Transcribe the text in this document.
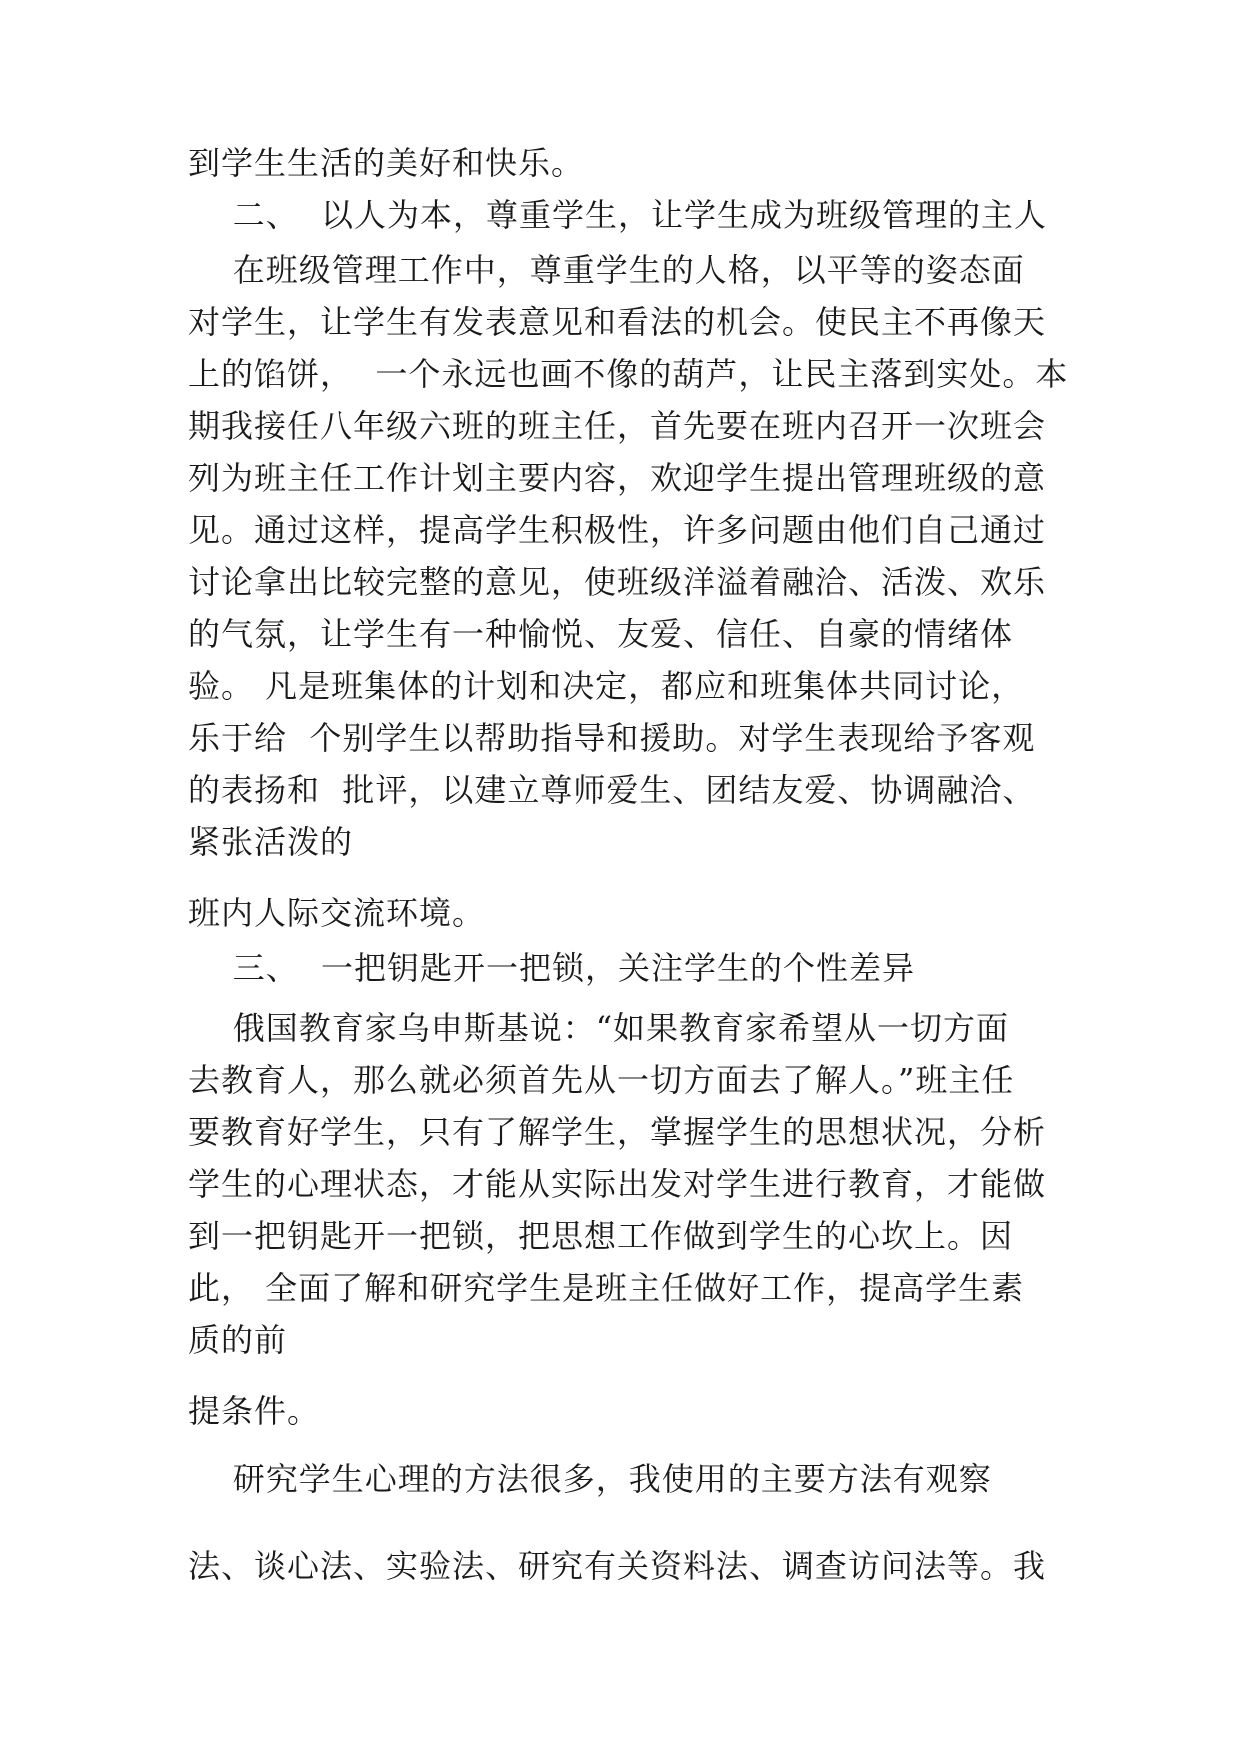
到学生生活的美好和快乐。
二、  以人为本，尊重学生，让学生成为班级管理的主人
在班级管理工作中，尊重学生的人格，以平等的姿态面
对学生，让学生有发表意见和看法的机会。使民主不再像天
上的馅饼，  一个永远也画不像的葫芦，让民主落到实处。本
期我接任八年级六班的班主任，首先要在班内召开一次班会
列为班主任工作计划主要内容，欢迎学生提出管理班级的意
见。通过这样，提高学生积极性，许多问题由他们自己通过
讨论拿出比较完整的意见，使班级洋溢着融洽、活泼、欢乐
的气氛，让学生有一种愉悦、友爱、信任、自豪的情绪体
验。 凡是班集体的计划和决定，都应和班集体共同讨论，
乐于给  个别学生以帮助指导和援助。对学生表现给予客观
的表扬和  批评，以建立尊师爱生、团结友爱、协调融洽、
紧张活泼的
班内人际交流环境。
三、  一把钥匙开一把锁，关注学生的个性差异
俄国教育家乌申斯基说：“如果教育家希望从一切方面
去教育人，那么就必须首先从一切方面去了解人。”班主任
要教育好学生，只有了解学生，掌握学生的思想状况，分析
学生的心理状态，才能从实际出发对学生进行教育，才能做
到一把钥匙开一把锁，把思想工作做到学生的心坎上。因
此， 全面了解和研究学生是班主任做好工作，提高学生素
质的前
提条件。
研究学生心理的方法很多，我使用的主要方法有观察
法、谈心法、实验法、研究有关资料法、调查访问法等。我
